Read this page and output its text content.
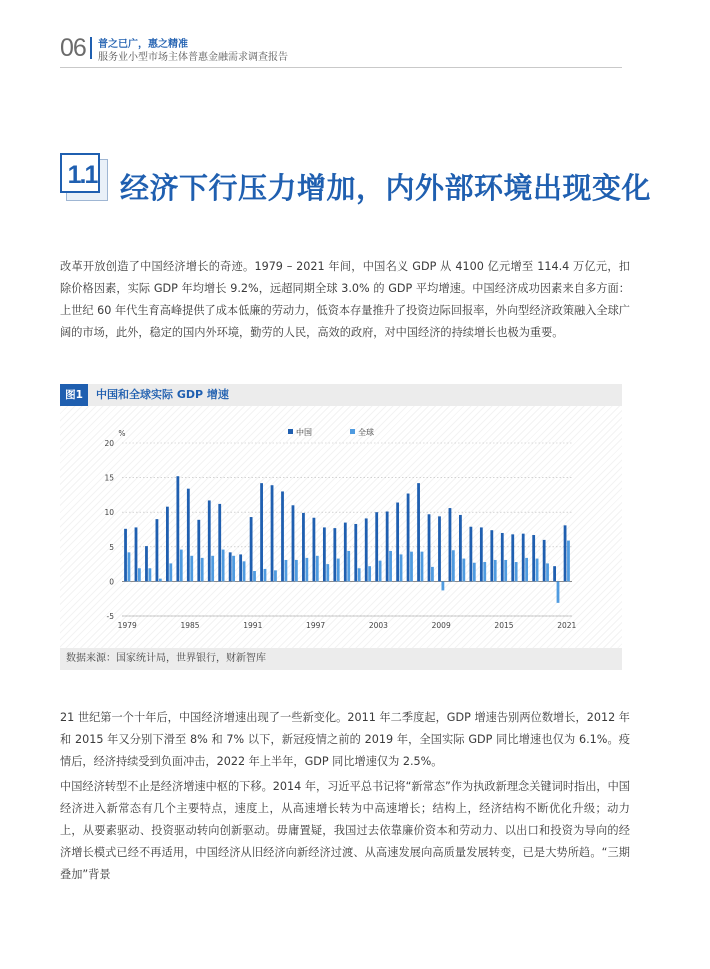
06 普之已广，惠之精准
服务业小型市场主体普惠金融需求调查报告
1.1 经济下行压力增加，内外部环境出现变化
改革开放创造了中国经济增长的奇迹。1979 – 2021 年间，中国名义 GDP 从 4100 亿元增至 114.4 万亿元，扣除价格因素，实际 GDP 年均增长 9.2%，远超同期全球 3.0% 的 GDP 平均增速。中国经济成功因素来自多方面：上世纪 60 年代生育高峰提供了成本低廉的劳动力，低资本存量推升了投资边际回报率，外向型经济政策融入全球广阔的市场，此外，稳定的国内外环境，勤劳的人民，高效的政府，对中国经济的持续增长也极为重要。
图1	中国和全球实际 GDP 增速
%
-5
0
5
10
15
20
1979	1985	1991	1997	2003	2009	2015	2021
中国	全球
数据来源：国家统计局，世界银行，财新智库
21 世纪第一个十年后，中国经济增速出现了一些新变化。2011 年二季度起，GDP 增速告别两位数增长，2012 年和 2015 年又分别下滑至 8% 和 7% 以下，新冠疫情之前的 2019 年，全国实际 GDP 同比增速也仅为 6.1%。疫情后，经济持续受到负面冲击，2022 年上半年，GDP 同比增速仅为 2.5%。
中国经济转型不止是经济增速中枢的下移。2014 年，习近平总书记将“新常态”作为执政新理念关键词时指出，中国经济进入新常态有几个主要特点，速度上，从高速增长转为中高速增长；结构上，经济结构不断优化升级；动力上，从要素驱动、投资驱动转向创新驱动。毋庸置疑，我国过去依靠廉价资本和劳动力、以出口和投资为导向的经济增长模式已经不再适用，中国经济从旧经济向新经济过渡、从高速发展向高质量发展转变，已是大势所趋。“三期叠加”背景
